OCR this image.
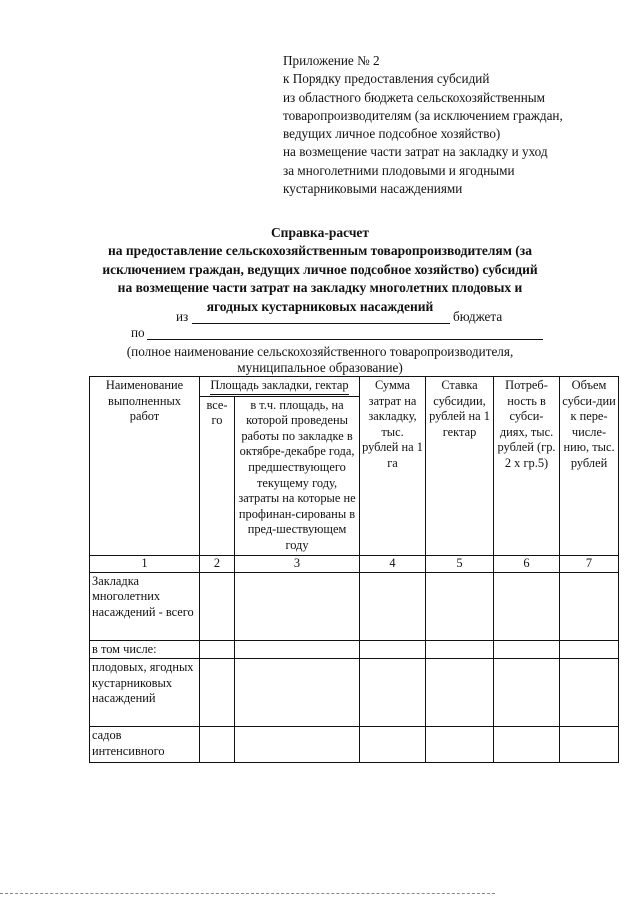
Приложение № 2
к Порядку предоставления субсидий
из областного бюджета сельскохозяйственным
товаропроизводителям (за исключением граждан,
ведущих личное подсобное хозяйство)
на возмещение части затрат на закладку и уход
за многолетними плодовыми и ягодными
кустарниковыми насаждениями
Справка-расчет
на предоставление сельскохозяйственным товаропроизводителям (за
исключением граждан, ведущих личное подсобное хозяйство) субсидий
на возмещение части затрат на закладку многолетних плодовых и
ягодных кустарниковых насаждений
из	бюджета
по
(полное наименование сельскохозяйственного товаропроизводителя,
муниципальное образование)
Наименование выполненных работ	Площадь закладки, гектар		Сумма затрат на закладку, тыс. рублей на 1 га	Ставка субсидии, рублей на 1 гектар	Потреб-ность в субси-диях, тыс. рублей (гр. 2 х гр.5)	Объем субси-дии к пере-числе-нию, тыс. рублей
	все-го	в т.ч. площадь, на которой проведены работы по закладке в октябре-декабре года, предшествующего текущему году, затраты на которые не профинан-сированы в пред-шествующем году				
1	2	3	4	5	6	7
Закладка многолетних насаждений - всего						
в том числе:						
плодовых, ягодных кустарниковых насаждений						
садов интенсивного						
